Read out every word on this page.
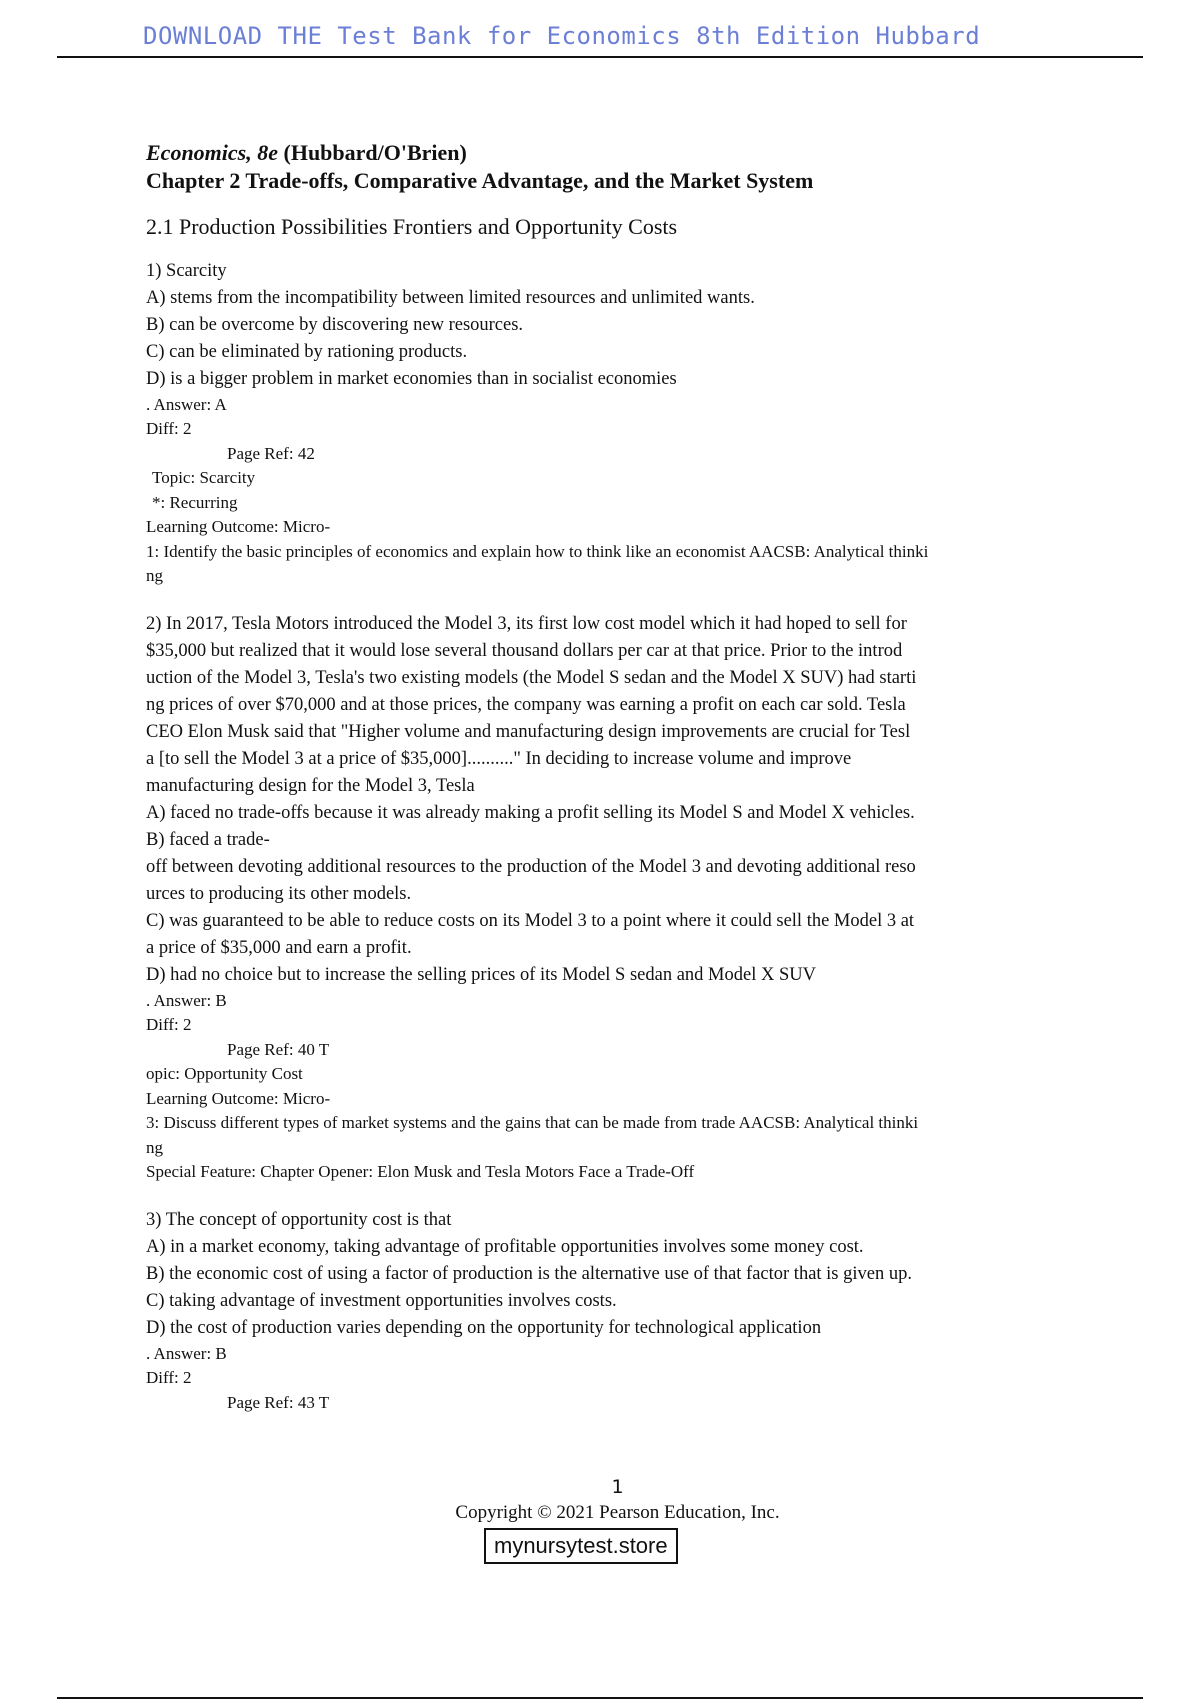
DOWNLOAD THE Test Bank for Economics 8th Edition Hubbard
Economics, 8e (Hubbard/O'Brien)
Chapter 2 Trade-offs, Comparative Advantage, and the Market System
2.1 Production Possibilities Frontiers and Opportunity Costs
1) Scarcity
A) stems from the incompatibility between limited resources and unlimited wants.
B) can be overcome by discovering new resources.
C) can be eliminated by rationing products.
D) is a bigger problem in market economies than in socialist economies
. Answer: A
Diff: 2
Page Ref: 42
Topic: Scarcity
*: Recurring
Learning Outcome: Micro-
1: Identify the basic principles of economics and explain how to think like an economist AACSB: Analytical thinki
ng
2) In 2017, Tesla Motors introduced the Model 3, its first low cost model which it had hoped to sell for
$35,000 but realized that it would lose several thousand dollars per car at that price. Prior to the introd
uction of the Model 3, Tesla's two existing models (the Model S sedan and the Model X SUV) had starti
ng prices of over $70,000 and at those prices, the company was earning a profit on each car sold. Tesla
CEO Elon Musk said that "Higher volume and manufacturing design improvements are crucial for Tesl
a [to sell the Model 3 at a price of $35,000].........." In deciding to increase volume and improve
manufacturing design for the Model 3, Tesla
A) faced no trade-offs because it was already making a profit selling its Model S and Model X vehicles.
B) faced a trade-
off between devoting additional resources to the production of the Model 3 and devoting additional reso
urces to producing its other models.
C) was guaranteed to be able to reduce costs on its Model 3 to a point where it could sell the Model 3 at
a price of $35,000 and earn a profit.
D) had no choice but to increase the selling prices of its Model S sedan and Model X SUV
. Answer: B
Diff: 2
Page Ref: 40 T
opic: Opportunity Cost
Learning Outcome: Micro-
3: Discuss different types of market systems and the gains that can be made from trade AACSB: Analytical thinki
ng
Special Feature: Chapter Opener: Elon Musk and Tesla Motors Face a Trade-Off
3) The concept of opportunity cost is that
A) in a market economy, taking advantage of profitable opportunities involves some money cost.
B) the economic cost of using a factor of production is the alternative use of that factor that is given up.
C) taking advantage of investment opportunities involves costs.
D) the cost of production varies depending on the opportunity for technological application
. Answer: B
Diff: 2
Page Ref: 43 T
1
Copyright © 2021 Pearson Education, Inc.
mynursytest.store
